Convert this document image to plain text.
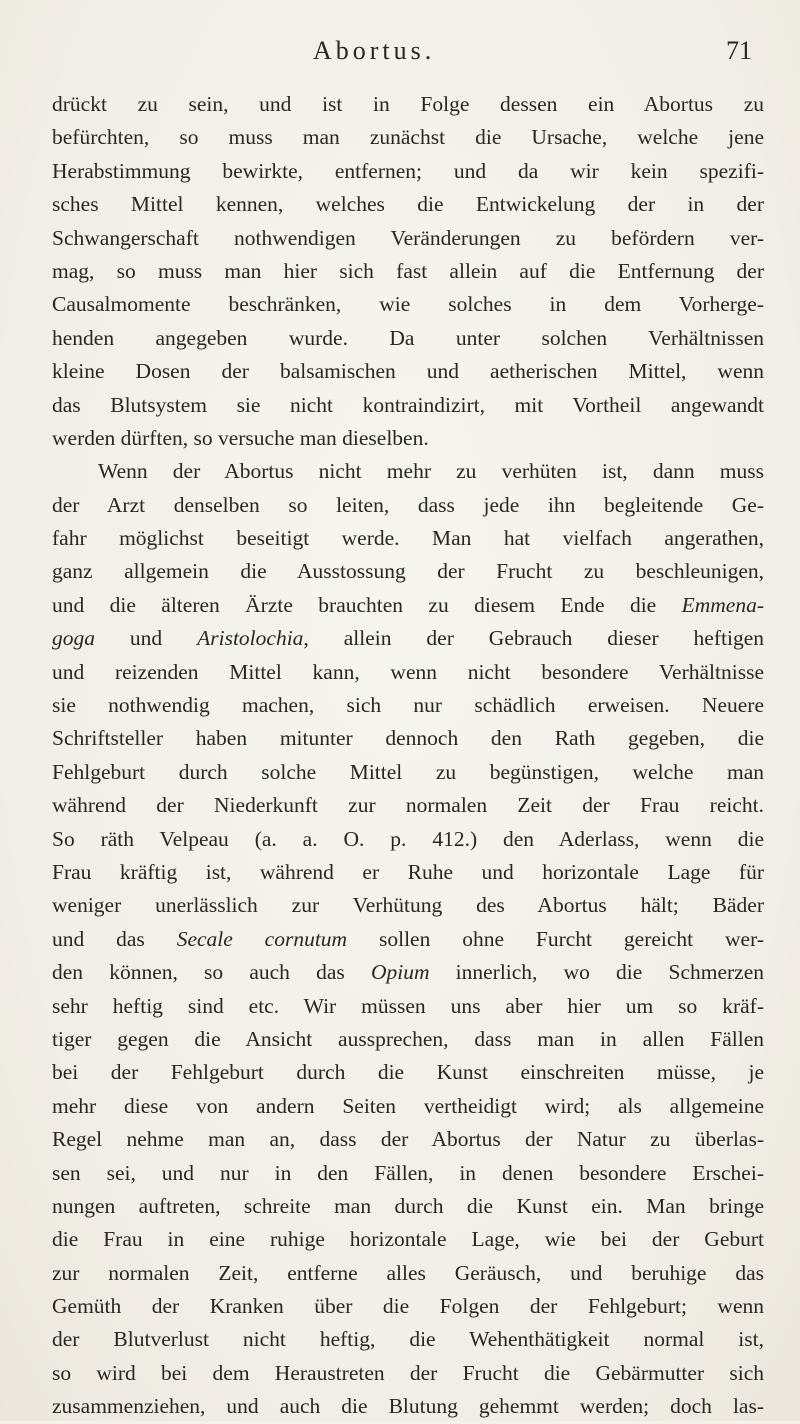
Abortus.	71
drückt zu sein, und ist in Folge dessen ein Abortus zu
befürchten, so muss man zunächst die Ursache, welche jene
Herabstimmung bewirkte, entfernen; und da wir kein spezifi-
sches Mittel kennen, welches die Entwickelung der in der
Schwangerschaft nothwendigen Veränderungen zu befördern ver-
mag, so muss man hier sich fast allein auf die Entfernung der
Causalmomente beschränken, wie solches in dem Vorherge-
henden angegeben wurde. Da unter solchen Verhältnissen
kleine Dosen der balsamischen und aetherischen Mittel, wenn
das Blutsystem sie nicht kontraindizirt, mit Vortheil angewandt
werden dürften, so versuche man dieselben.
Wenn der Abortus nicht mehr zu verhüten ist, dann muss
der Arzt denselben so leiten, dass jede ihn begleitende Ge-
fahr möglichst beseitigt werde. Man hat vielfach angerathen,
ganz allgemein die Ausstossung der Frucht zu beschleunigen,
und die älteren Ärzte brauchten zu diesem Ende die Emmena-
goga und Aristolochia, allein der Gebrauch dieser heftigen
und reizenden Mittel kann, wenn nicht besondere Verhältnisse
sie nothwendig machen, sich nur schädlich erweisen. Neuere
Schriftsteller haben mitunter dennoch den Rath gegeben, die
Fehlgeburt durch solche Mittel zu begünstigen, welche man
während der Niederkunft zur normalen Zeit der Frau reicht.
So räth Velpeau (a. a. O. p. 412.) den Aderlass, wenn die
Frau kräftig ist, während er Ruhe und horizontale Lage für
weniger unerlässlich zur Verhütung des Abortus hält; Bäder
und das Secale cornutum sollen ohne Furcht gereicht wer-
den können, so auch das Opium innerlich, wo die Schmerzen
sehr heftig sind etc. Wir müssen uns aber hier um so kräf-
tiger gegen die Ansicht aussprechen, dass man in allen Fällen
bei der Fehlgeburt durch die Kunst einschreiten müsse, je
mehr diese von andern Seiten vertheidigt wird; als allgemeine
Regel nehme man an, dass der Abortus der Natur zu überlas-
sen sei, und nur in den Fällen, in denen besondere Erschei-
nungen auftreten, schreite man durch die Kunst ein. Man bringe
die Frau in eine ruhige horizontale Lage, wie bei der Geburt
zur normalen Zeit, entferne alles Geräusch, und beruhige das
Gemüth der Kranken über die Folgen der Fehlgeburt; wenn
der Blutverlust nicht heftig, die Wehenthätigkeit normal ist,
so wird bei dem Heraustreten der Frucht die Gebärmutter sich
zusammenziehen, und auch die Blutung gehemmt werden; doch las-
